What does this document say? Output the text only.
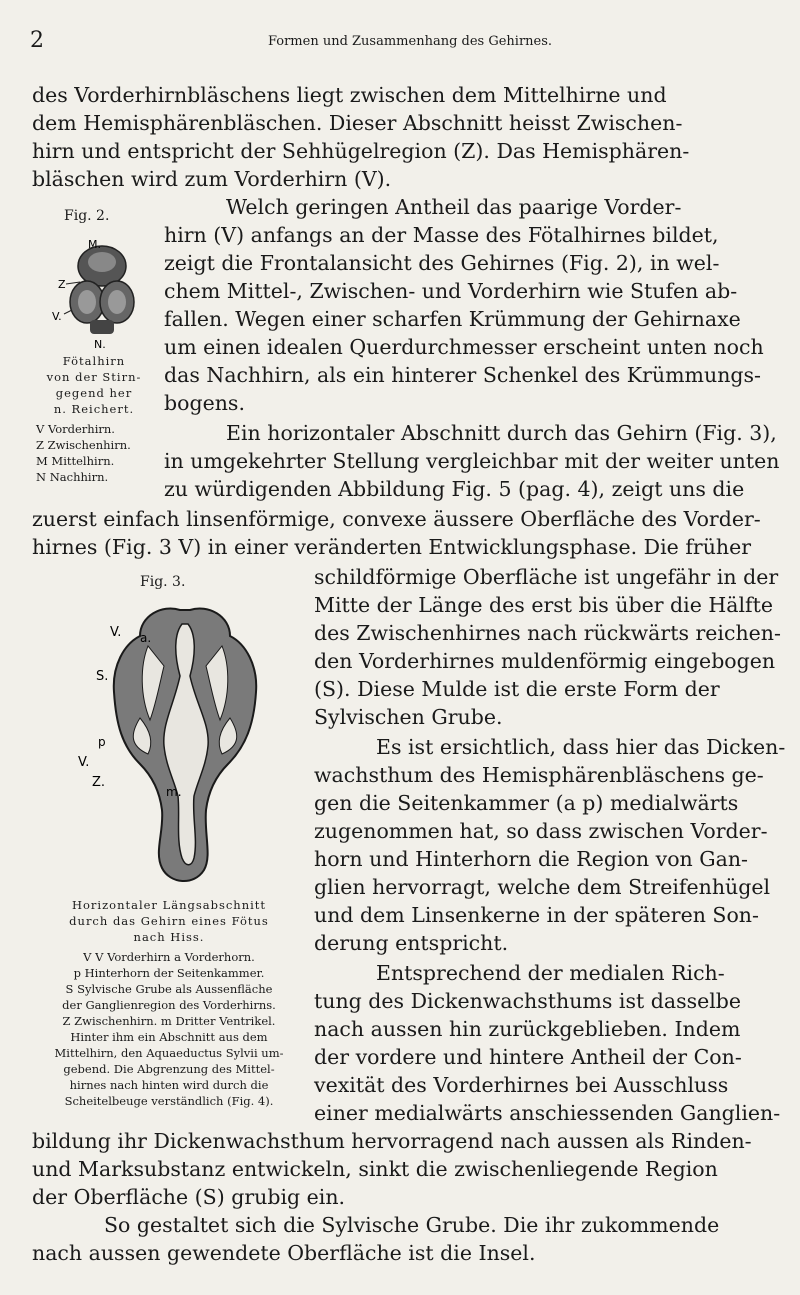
2	Formen und Zusammenhang des Gehirnes.
des Vorderhirnbläschens liegt zwischen dem Mittelhirne und
dem Hemisphärenbläschen. Dieser Abschnitt heisst Zwischen-
hirn und entspricht der Sehhügelregion (Z). Das Hemisphären-
bläschen wird zum Vorderhirn (V).
Fig. 2.
M.
Z
V.
N.
Fötalhirn
von der Stirn-
gegend her
n. Reichert.
V Vorderhirn.
Z Zwischenhirn.
M Mittelhirn.
N Nachhirn.
Welch geringen Antheil das paarige Vorder-
hirn (V) anfangs an der Masse des Fötalhirnes bildet,
zeigt die Frontalansicht des Gehirnes (Fig. 2), in wel-
chem Mittel-, Zwischen- und Vorderhirn wie Stufen ab-
fallen. Wegen einer scharfen Krümmung der Gehirnaxe
um einen idealen Querdurchmesser erscheint unten noch
das Nachhirn, als ein hinterer Schenkel des Krümmungs-
bogens.
Ein horizontaler Abschnitt durch das Gehirn (Fig. 3),
in umgekehrter Stellung vergleichbar mit der weiter unten
zu würdigenden Abbildung Fig. 5 (pag. 4), zeigt uns die
zuerst einfach linsenförmige, convexe äussere Oberfläche des Vorder-
hirnes (Fig. 3 V) in einer veränderten Entwicklungsphase. Die früher
Fig. 3.
V. a.
S.
p
V.
Z.
m.
Horizontaler Längsabschnitt
durch das Gehirn eines Fötus
nach Hiss.
V V Vorderhirn a Vorderhorn.
p Hinterhorn der Seitenkammer.
S Sylvische Grube als Aussenfläche
der Ganglienregion des Vorderhirns.
Z Zwischenhirn. m Dritter Ventrikel.
Hinter ihm ein Abschnitt aus dem
Mittelhirn, den Aquaeductus Sylvii um-
gebend. Die Abgrenzung des Mittel-
hirnes nach hinten wird durch die
Scheitelbeuge verständlich (Fig. 4).
schildförmige Oberfläche ist ungefähr in der
Mitte der Länge des erst bis über die Hälfte
des Zwischenhirnes nach rückwärts reichen-
den Vorderhirnes muldenförmig eingebogen
(S). Diese Mulde ist die erste Form der
Sylvischen Grube.
Es ist ersichtlich, dass hier das Dicken-
wachsthum des Hemisphärenbläschens ge-
gen die Seitenkammer (a p) medialwärts
zugenommen hat, so dass zwischen Vorder-
horn und Hinterhorn die Region von Gan-
glien hervorragt, welche dem Streifenhügel
und dem Linsenkerne in der späteren Son-
derung entspricht.
Entsprechend der medialen Rich-
tung des Dickenwachsthums ist dasselbe
nach aussen hin zurückgeblieben. Indem
der vordere und hintere Antheil der Con-
vexität des Vorderhirnes bei Ausschluss
einer medialwärts anschiessenden Ganglien-
bildung ihr Dickenwachsthum hervorragend nach aussen als Rinden-
und Marksubstanz entwickeln, sinkt die zwischenliegende Region
der Oberfläche (S) grubig ein.
So gestaltet sich die Sylvische Grube. Die ihr zukommende
nach aussen gewendete Oberfläche ist die Insel.
